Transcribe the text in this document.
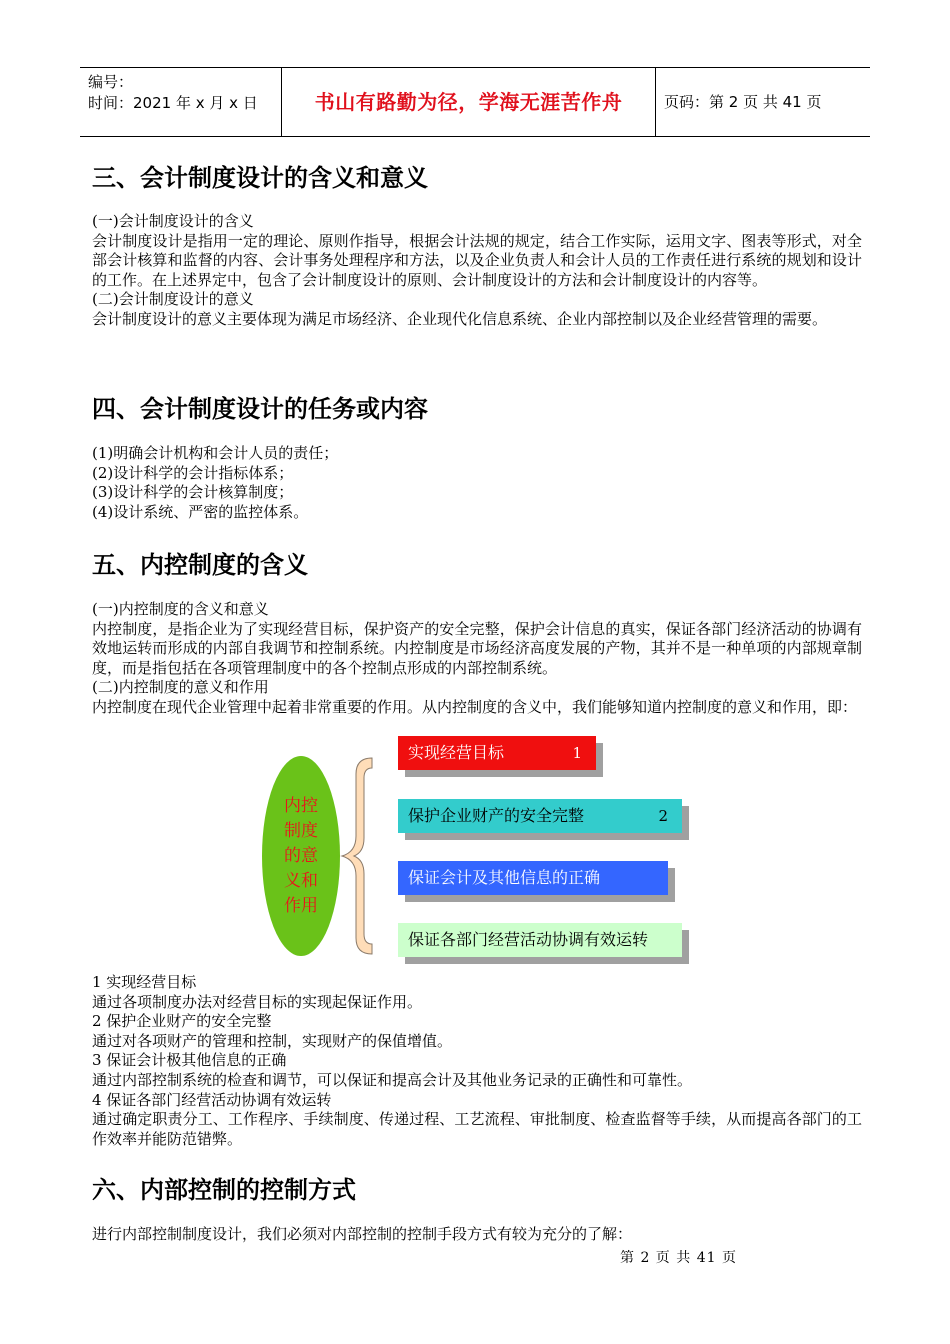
编号：
时间：2021 年 x 月 x 日	书山有路勤为径，学海无涯苦作舟	页码：第 2 页 共 41 页
三、会计制度设计的含义和意义

(一)会计制度设计的含义

会计制度设计是指用一定的理论、原则作指导，根据会计法规的规定，结合工作实际，运用文字、图表等形式，对全部会计核算和监督的内容、会计事务处理程序和方法，以及企业负责人和会计人员的工作责任进行系统的规划和设计的工作。在上述界定中，包含了会计制度设计的原则、会计制度设计的方法和会计制度设计的内容等。

(二)会计制度设计的意义

会计制度设计的意义主要体现为满足市场经济、企业现代化信息系统、企业内部控制以及企业经营管理的需要。

四、会计制度设计的任务或内容

(1)明确会计机构和会计人员的责任；

(2)设计科学的会计指标体系；

(3)设计科学的会计核算制度；

(4)设计系统、严密的监控体系。

五、内控制度的含义

(一)内控制度的含义和意义

内控制度，是指企业为了实现经营目标，保护资产的安全完整，保护会计信息的真实，保证各部门经济活动的协调有效地运转而形成的内部自我调节和控制系统。内控制度是市场经济高度发展的产物，其并不是一种单项的内部规章制度，而是指包括在各项管理制度中的各个控制点形成的内部控制系统。

(二)内控制度的意义和作用

内控制度在现代企业管理中起着非常重要的作用。从内控制度的含义中，我们能够知道内控制度的意义和作用，即：

内控制度的意义和作用
实现经营目标	1
保护企业财产的安全完整	2
保证会计及其他信息的正确
保证各部门经营活动协调有效运转

1 实现经营目标

通过各项制度办法对经营目标的实现起保证作用。

2 保护企业财产的安全完整

通过对各项财产的管理和控制，实现财产的保值增值。

3 保证会计极其他信息的正确

通过内部控制系统的检查和调节，可以保证和提高会计及其他业务记录的正确性和可靠性。

4 保证各部门经营活动协调有效运转

通过确定职责分工、工作程序、手续制度、传递过程、工艺流程、审批制度、检查监督等手续，从而提高各部门的工作效率并能防范错弊。

六、内部控制的控制方式

进行内部控制制度设计，我们必须对内部控制的控制手段方式有较为充分的了解：

第 2 页 共 41 页
